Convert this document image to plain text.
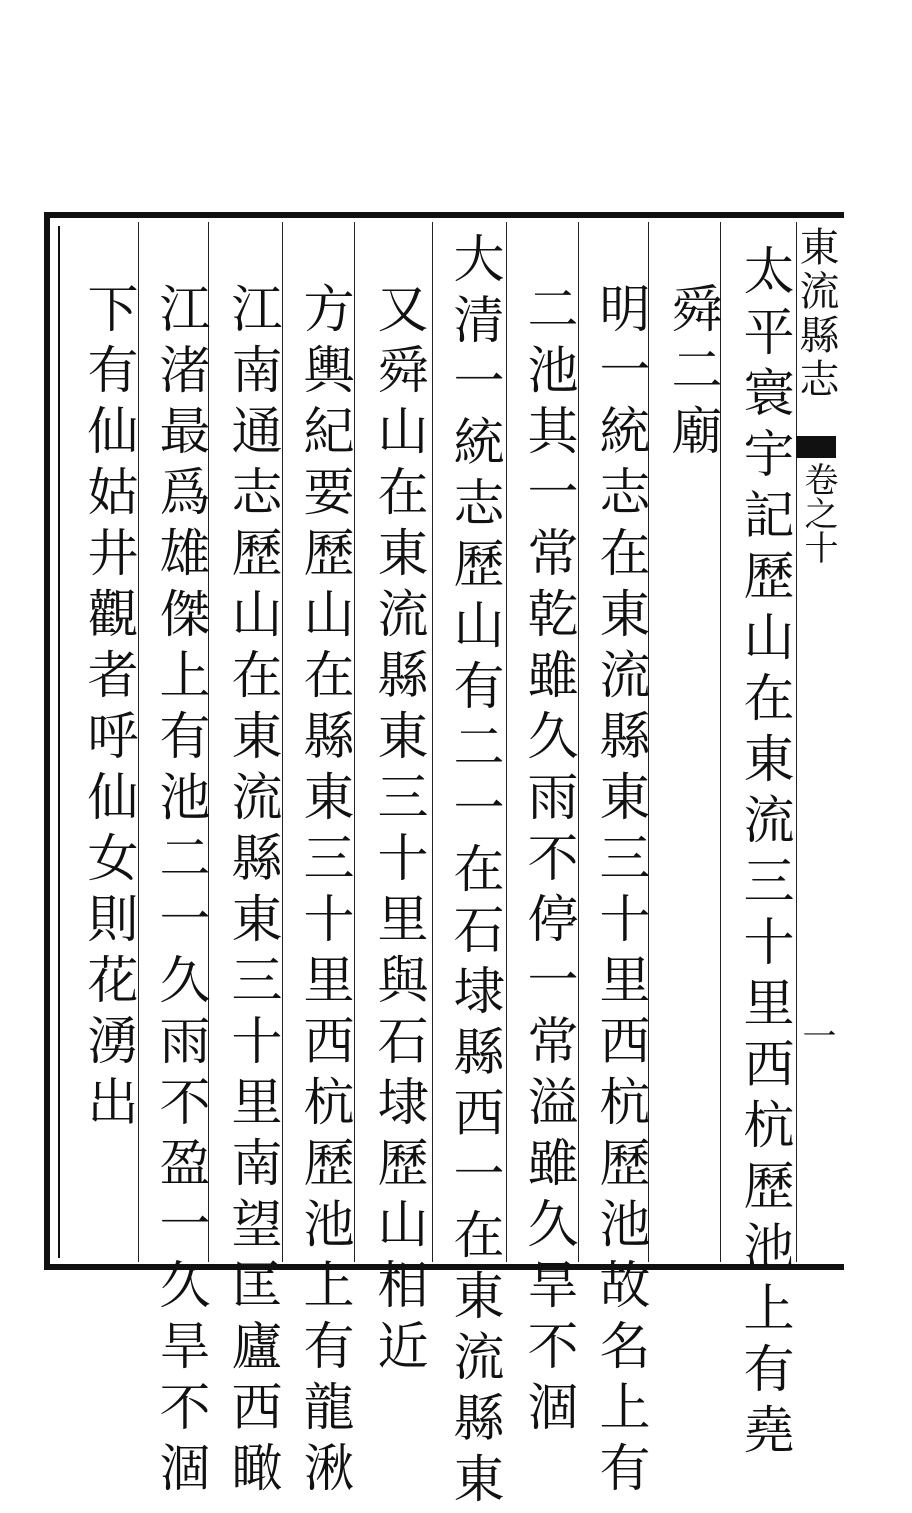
太平寰宇記歷山在東流三十里西杭歷池上有堯
舜二廟
明一統志在東流縣東三十里西杭歷池故名上有
二池其一常乾雖久雨不停一常溢雖久旱不涸
大清一統志歷山有二一在石埭縣西一在東流縣東
又舜山在東流縣東三十里與石埭歷山相近
方輿紀要歷山在縣東三十里西杭歷池上有龍湫
江南通志歷山在東流縣東三十里南望匡廬西瞰
江渚最爲雄傑上有池二一久雨不盈一久旱不涸
下有仙姑井觀者呼仙女則花湧出	東流縣志
卷之十
一
